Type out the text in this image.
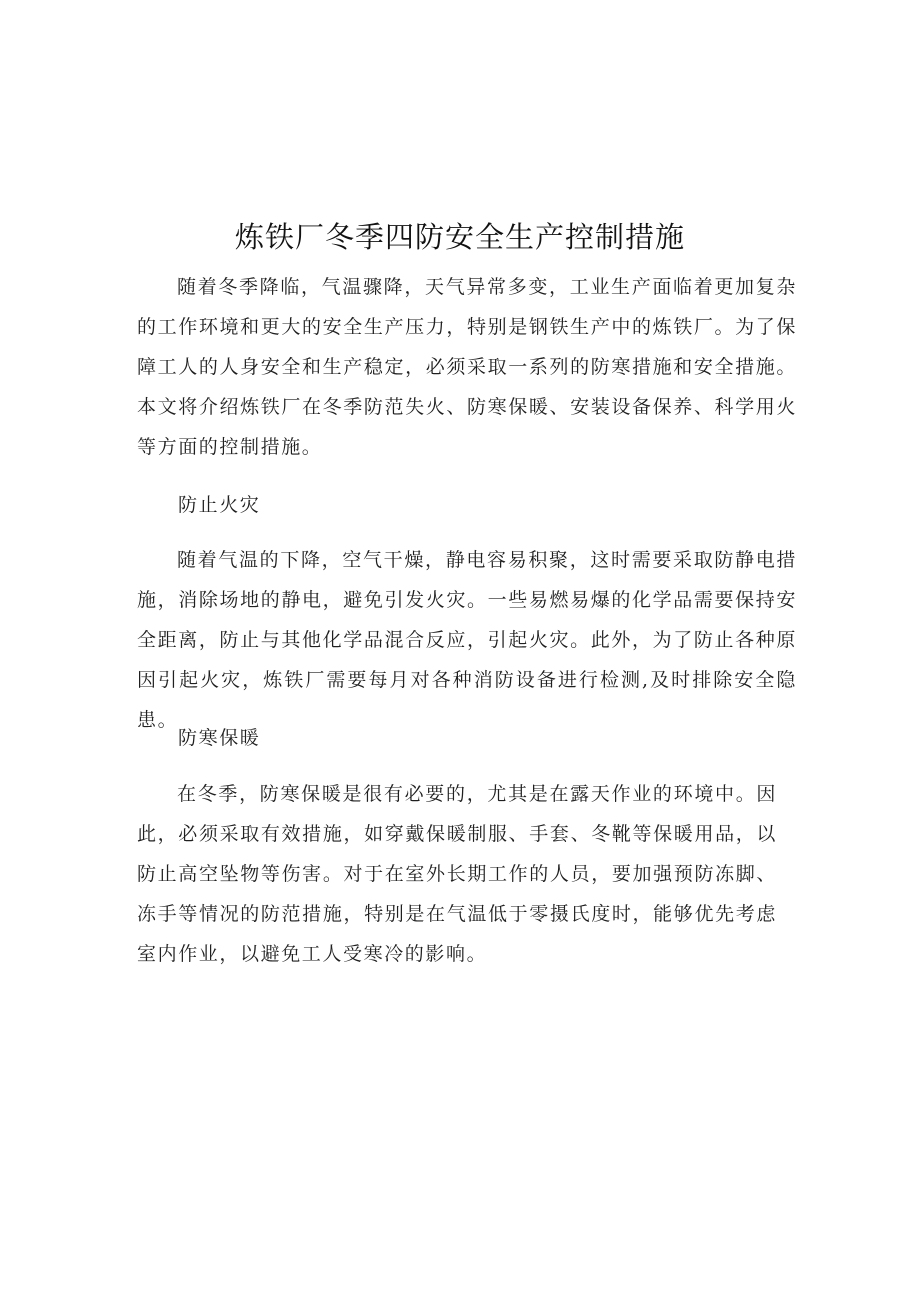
炼铁厂冬季四防安全生产控制措施

随着冬季降临，气温骤降，天气异常多变，工业生产面临着更加复杂的工作环境和更大的安全生产压力，特别是钢铁生产中的炼铁厂。为了保障工人的人身安全和生产稳定，必须采取一系列的防寒措施和安全措施。本文将介绍炼铁厂在冬季防范失火、防寒保暖、安装设备保养、科学用火等方面的控制措施。

防止火灾

随着气温的下降，空气干燥，静电容易积聚，这时需要采取防静电措施，消除场地的静电，避免引发火灾。一些易燃易爆的化学品需要保持安全距离，防止与其他化学品混合反应，引起火灾。此外，为了防止各种原因引起火灾，炼铁厂需要每月对各种消防设备进行检测,及时排除安全隐患。

防寒保暖

在冬季，防寒保暖是很有必要的，尤其是在露天作业的环境中。因此，必须采取有效措施，如穿戴保暖制服、手套、冬靴等保暖用品，以防止高空坠物等伤害。对于在室外长期工作的人员，要加强预防冻脚、冻手等情况的防范措施，特别是在气温低于零摄氏度时，能够优先考虑室内作业，以避免工人受寒冷的影响。
